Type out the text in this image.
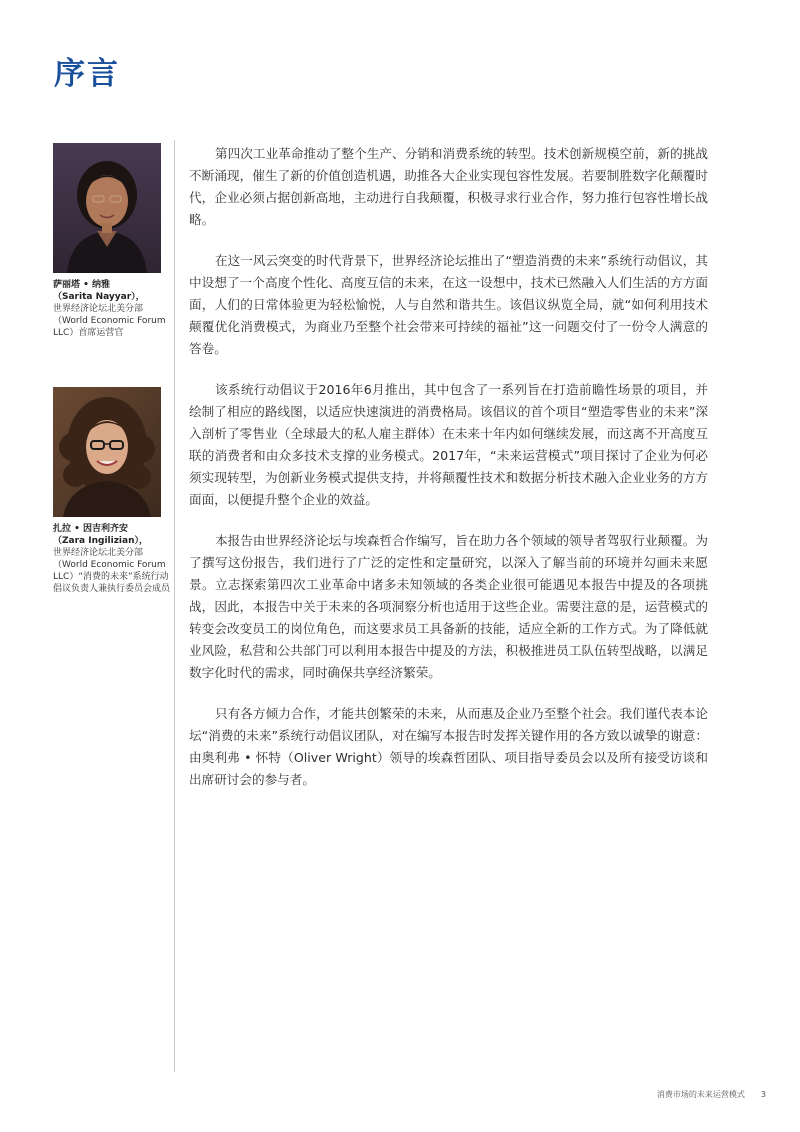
序言
萨丽塔 • 纳雅
（Sarita Nayyar），
世界经济论坛北美分部（World Economic Forum LLC）首席运营官
扎拉 • 因吉利齐安
（Zara Ingilizian），
世界经济论坛北美分部（World Economic Forum LLC）“消费的未来”系统行动倡议负责人兼执行委员会成员

第四次工业革命推动了整个生产、分销和消费系统的转型。技术创新规模空前，新的挑战不断涌现，催生了新的价值创造机遇，助推各大企业实现包容性发展。若要制胜数字化颠覆时代，企业必须占据创新高地，主动进行自我颠覆，积极寻求行业合作，努力推行包容性增长战略。

在这一风云突变的时代背景下，世界经济论坛推出了“塑造消费的未来”系统行动倡议，其中设想了一个高度个性化、高度互信的未来，在这一设想中，技术已然融入人们生活的方方面面，人们的日常体验更为轻松愉悦，人与自然和谐共生。该倡议纵览全局，就“如何利用技术颠覆优化消费模式，为商业乃至整个社会带来可持续的福祉”这一问题交付了一份令人满意的答卷。

该系统行动倡议于2016年6月推出，其中包含了一系列旨在打造前瞻性场景的项目，并绘制了相应的路线图，以适应快速演进的消费格局。该倡议的首个项目“塑造零售业的未来”深入剖析了零售业（全球最大的私人雇主群体）在未来十年内如何继续发展，而这离不开高度互联的消费者和由众多技术支撑的业务模式。2017年，“未来运营模式”项目探讨了企业为何必须实现转型，为创新业务模式提供支持，并将颠覆性技术和数据分析技术融入企业业务的方方面面，以便提升整个企业的效益。

本报告由世界经济论坛与埃森哲合作编写，旨在助力各个领域的领导者驾驭行业颠覆。为了撰写这份报告，我们进行了广泛的定性和定量研究，以深入了解当前的环境并勾画未来愿景。立志探索第四次工业革命中诸多未知领域的各类企业很可能遇见本报告中提及的各项挑战，因此，本报告中关于未来的各项洞察分析也适用于这些企业。需要注意的是，运营模式的转变会改变员工的岗位角色，而这要求员工具备新的技能，适应全新的工作方式。为了降低就业风险，私营和公共部门可以利用本报告中提及的方法，积极推进员工队伍转型战略，以满足数字化时代的需求，同时确保共享经济繁荣。

只有各方倾力合作，才能共创繁荣的未来，从而惠及企业乃至整个社会。我们谨代表本论坛“消费的未来”系统行动倡议团队，对在编写本报告时发挥关键作用的各方致以诚挚的谢意：由奥利弗 • 怀特（Oliver Wright）领导的埃森哲团队、项目指导委员会以及所有接受访谈和出席研讨会的参与者。

消费市场的未来运营模式 3
